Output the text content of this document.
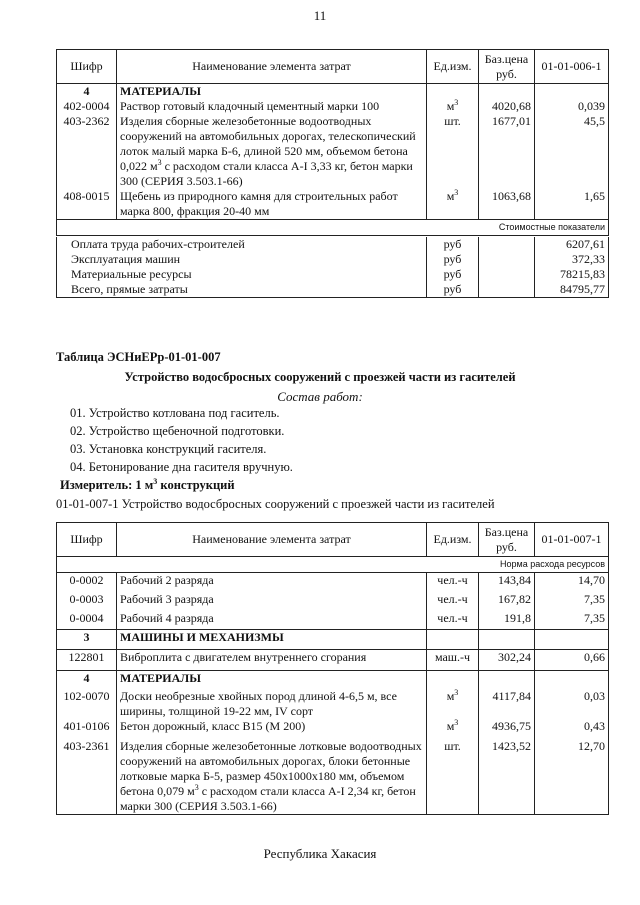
11
Шифр	Наименование элемента затрат	Ед.изм.	Баз.цена руб.	01-01-006-1
4	МАТЕРИАЛЫ			
402-0004	Раствор готовый кладочный цементный марки 100	$м^3$	4020,68	0,039
403-2362	Изделия сборные железобетонные водоотводных сооружений на автомобильных дорогах, телескопический лоток малый марка Б-6, длиной 520 мм, объемом бетона 0,022 $м^3$ с расходом стали класса А-I 3,33 кг, бетон марки 300 (СЕРИЯ 3.503.1-66)	шт.	1677,01	45,5
408-0015	Щебень из природного камня для строительных работ марка 800, фракция 20-40 мм	$м^3$	1063,68	1,65
Стоимостные показатели				
Оплата труда рабочих-строителей	руб		6207,61
Эксплуатация машин	руб		372,33
Материальные ресурсы	руб		78215,83
Всего, прямые затраты	руб		84795,77
Таблица ЭСНиЕРр-01-01-007
Устройство водосбросных сооружений с проезжей части из гасителей
Состав работ:
01. Устройство котлована под гаситель.
02. Устройство щебеночной подготовки.
03. Установка конструкций гасителя.
04. Бетонирование дна гасителя вручную.
Измеритель: 1 $м^3$ конструкций
01-01-007-1 Устройство водосбросных сооружений с проезжей части из гасителей
Шифр	Наименование элемента затрат	Ед.изм.	Баз.цена руб.	01-01-007-1
Норма расхода ресурсов				
0-0002	Рабочий 2 разряда	чел.-ч	143,84	14,70
0-0003	Рабочий 3 разряда	чел.-ч	167,82	7,35
0-0004	Рабочий 4 разряда	чел.-ч	191,8	7,35
3	МАШИНЫ И МЕХАНИЗМЫ			
122801	Виброплита с двигателем внутреннего сгорания	маш.-ч	302,24	0,66
4	МАТЕРИАЛЫ			
102-0070	Доски необрезные хвойных пород длиной 4-6,5 м, все ширины, толщиной 19-22 мм, IV сорт	$м^3$	4117,84	0,03
401-0106	Бетон дорожный, класс В15 (М 200)	$м^3$	4936,75	0,43
403-2361	Изделия сборные железобетонные лотковые водоотводных сооружений на автомобильных дорогах, блоки бетонные лотковые марка Б-5, размер 450х1000х180 мм, объемом бетона 0,079 $м^3$ с расходом стали класса А-I 2,34 кг, бетон марки 300 (СЕРИЯ 3.503.1-66)	шт.	1423,52	12,70
Республика Хакасия
